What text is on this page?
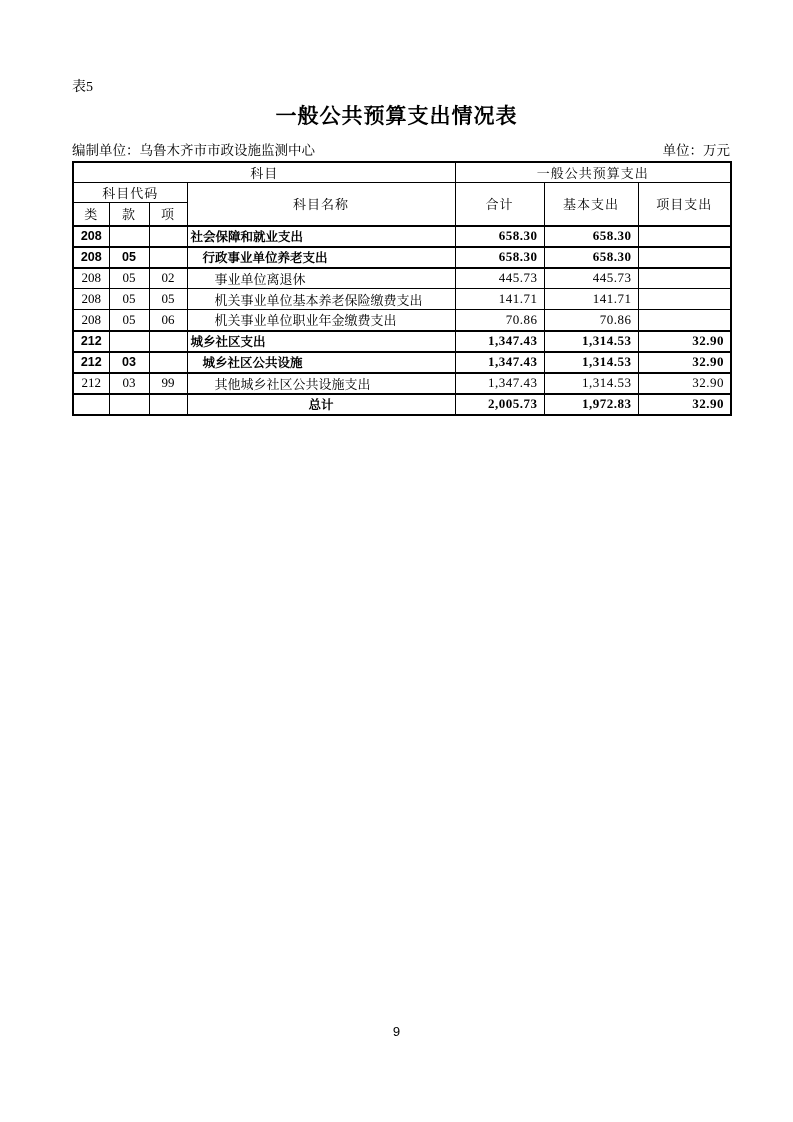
表5
一般公共预算支出情况表
编制单位：乌鲁木齐市市政设施监测中心	单位：万元
科目				一般公共预算支出		
科目代码			科目名称	合计	基本支出	项目支出
类	款	项				
208			社会保障和就业支出	658.30	658.30	
208	05		行政事业单位养老支出	658.30	658.30	
208	05	02	事业单位离退休	445.73	445.73	
208	05	05	机关事业单位基本养老保险缴费支出	141.71	141.71	
208	05	06	机关事业单位职业年金缴费支出	70.86	70.86	
212			城乡社区支出	1,347.43	1,314.53	32.90
212	03		城乡社区公共设施	1,347.43	1,314.53	32.90
212	03	99	其他城乡社区公共设施支出	1,347.43	1,314.53	32.90
			总计	2,005.73	1,972.83	32.90
9
